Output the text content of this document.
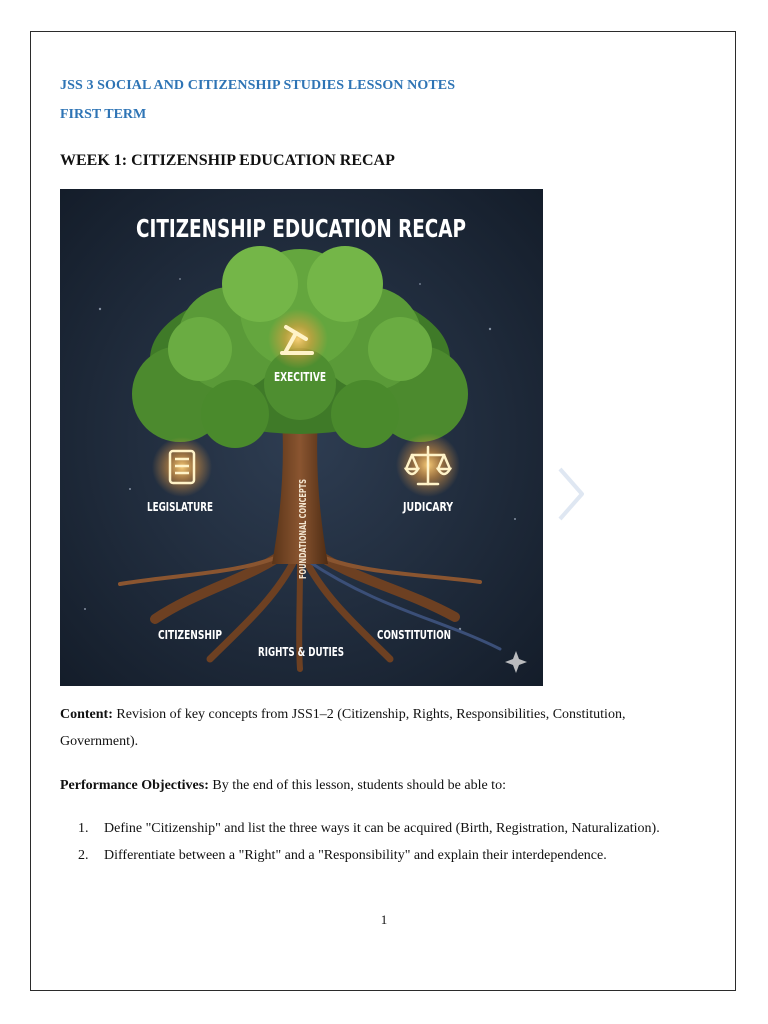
JSS 3 SOCIAL AND CITIZENSHIP STUDIES LESSON NOTES

FIRST TERM

WEEK 1: CITIZENSHIP EDUCATION RECAP
CITIZENSHIP EDUCATION RECAP
EXECITIVE
LEGISLATURE	JUDICARY
FOUNDATIONAL CONCEPTS
CITIZENSHIP	CONSTITUTION
RIGHTS & DUTIES

Content: Revision of key concepts from JSS1–2 (Citizenship, Rights, Responsibilities, Constitution, Government).

Performance Objectives: By the end of this lesson, students should be able to:

1. Define "Citizenship" and list the three ways it can be acquired (Birth, Registration, Naturalization).
2. Differentiate between a "Right" and a "Responsibility" and explain their interdependence.

1
